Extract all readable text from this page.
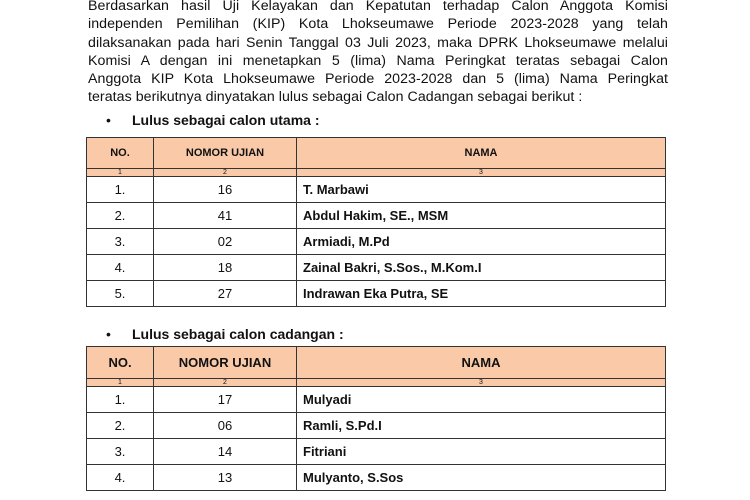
Berdasarkan hasil Uji Kelayakan dan Kepatutan terhadap Calon Anggota Komisi
independen Pemilihan (KIP) Kota Lhokseumawe Periode 2023-2028 yang telah
dilaksanakan pada hari Senin Tanggal 03 Juli 2023, maka DPRK Lhokseumawe melalui
Komisi A dengan ini menetapkan 5 (lima) Nama Peringkat teratas sebagai Calon
Anggota KIP Kota Lhokseumawe Periode 2023-2028 dan 5 (lima) Nama Peringkat
teratas berikutnya dinyatakan lulus sebagai Calon Cadangan sebagai berikut :
• Lulus sebagai calon utama :
NO.	NOMOR UJIAN	NAMA
1	2	3
1.	16	T. Marbawi
2.	41	Abdul Hakim, SE., MSM
3.	02	Armiadi, M.Pd
4.	18	Zainal Bakri, S.Sos., M.Kom.I
5.	27	Indrawan Eka Putra, SE
• Lulus sebagai calon cadangan :
NO.	NOMOR UJIAN	NAMA
1	2	3
1.	17	Mulyadi
2.	06	Ramli, S.Pd.I
3.	14	Fitriani
4.	13	Mulyanto, S.Sos
